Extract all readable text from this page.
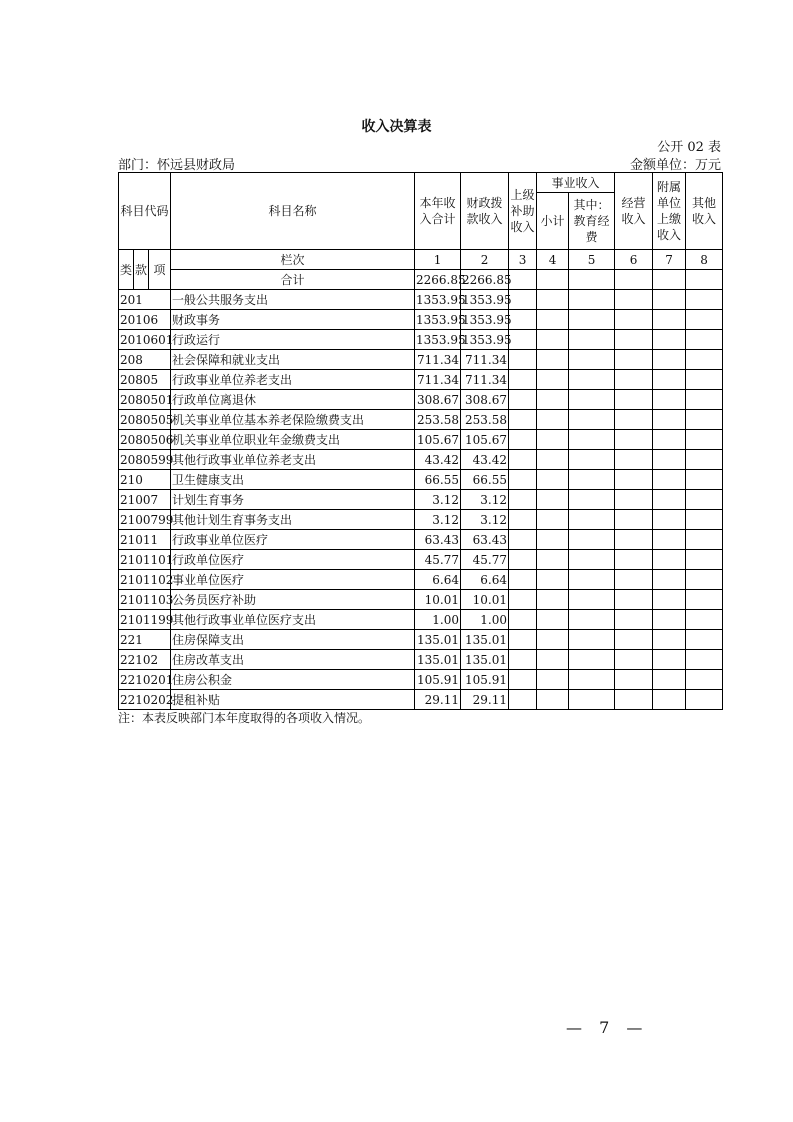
收入决算表
公开 02 表
部门：怀远县财政局	金额单位：万元
科目代码			科目名称	本年收入合计	财政拨款收入	上级补助收入	事业收入		经营收入	附属单位上缴收入	其他收入
							小计	其中：教育经费			

类	款	项	栏次	1	2	3	4	5	6	7	8
			合计	2266.85	2266.85						
201			一般公共服务支出	1353.95	1353.95						
20106			财政事务	1353.95	1353.95						
2010601			行政运行	1353.95	1353.95						
208			社会保障和就业支出	711.34	711.34						
20805			行政事业单位养老支出	711.34	711.34						
2080501			行政单位离退休	308.67	308.67						
2080505			机关事业单位基本养老保险缴费支出	253.58	253.58						
2080506			机关事业单位职业年金缴费支出	105.67	105.67						
2080599			其他行政事业单位养老支出	43.42	43.42						
210			卫生健康支出	66.55	66.55						
21007			计划生育事务	3.12	3.12						
2100799			其他计划生育事务支出	3.12	3.12						
21011			行政事业单位医疗	63.43	63.43						
2101101			行政单位医疗	45.77	45.77						
2101102			事业单位医疗	6.64	6.64						
2101103			公务员医疗补助	10.01	10.01						
2101199			其他行政事业单位医疗支出	1.00	1.00						
221			住房保障支出	135.01	135.01						
22102			住房改革支出	135.01	135.01						
2210201			住房公积金	105.91	105.91						
2210202			提租补贴	29.11	29.11						
注：本表反映部门本年度取得的各项收入情况。
— 7 —
